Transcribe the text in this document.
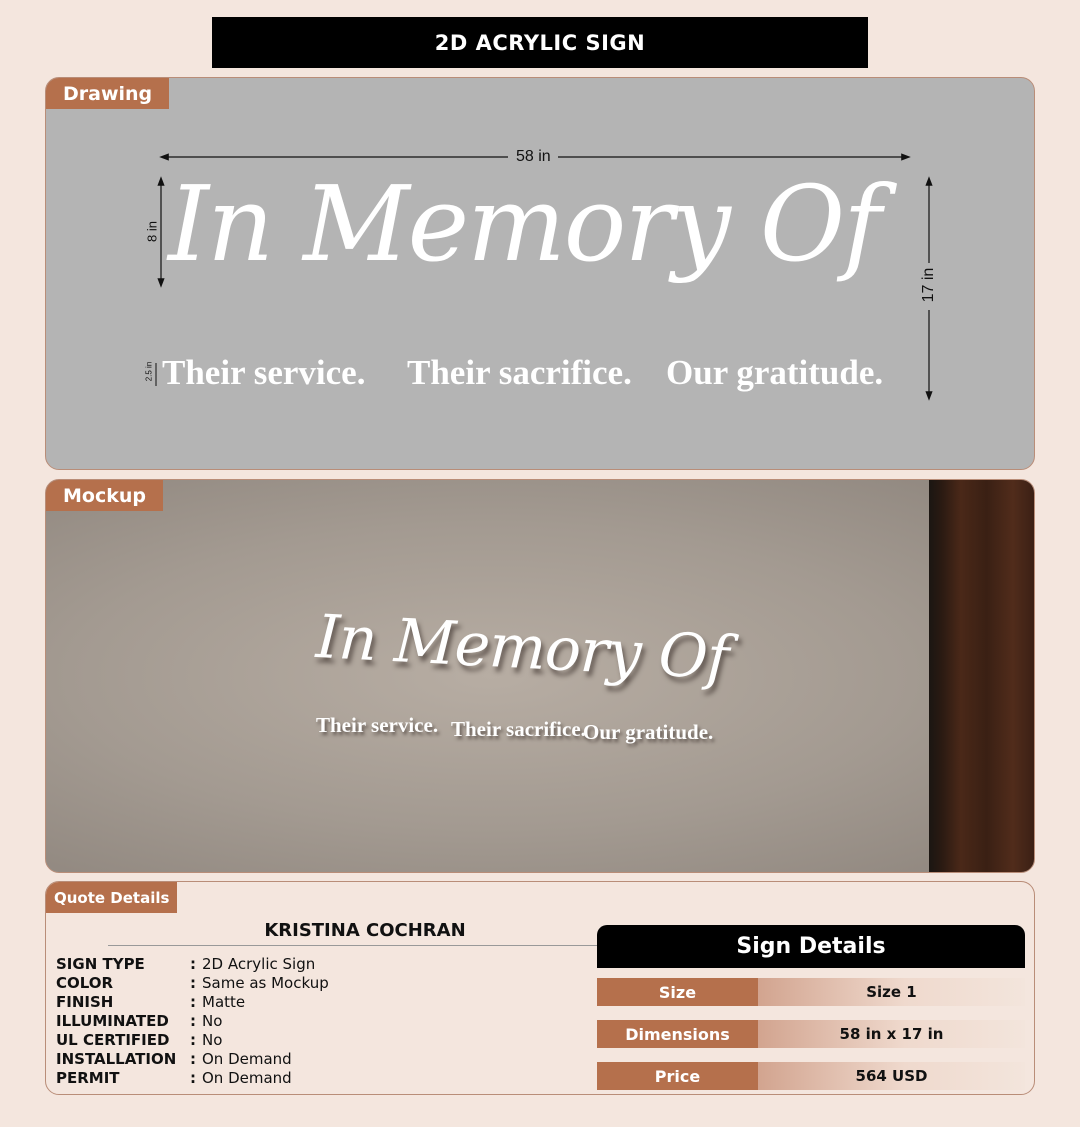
2D ACRYLIC SIGN
Drawing
58 in
17 in
8 in
2.5 in
In Memory Of
Their service. Their sacrifice. Our gratitude.
Mockup
In Memory Of
Their service. Their sacrifice.
Our gratitude.
Quote Details
KRISTINA COCHRAN
SIGN TYPE	: 2D Acrylic Sign
COLOR	: Same as Mockup
FINISH	: Matte
ILLUMINATED	: No
UL CERTIFIED	: No
INSTALLATION : On Demand
PERMIT	: On Demand
Sign Details
Size	Size 1
Dimensions	58 in x 17 in
Price	564 USD
